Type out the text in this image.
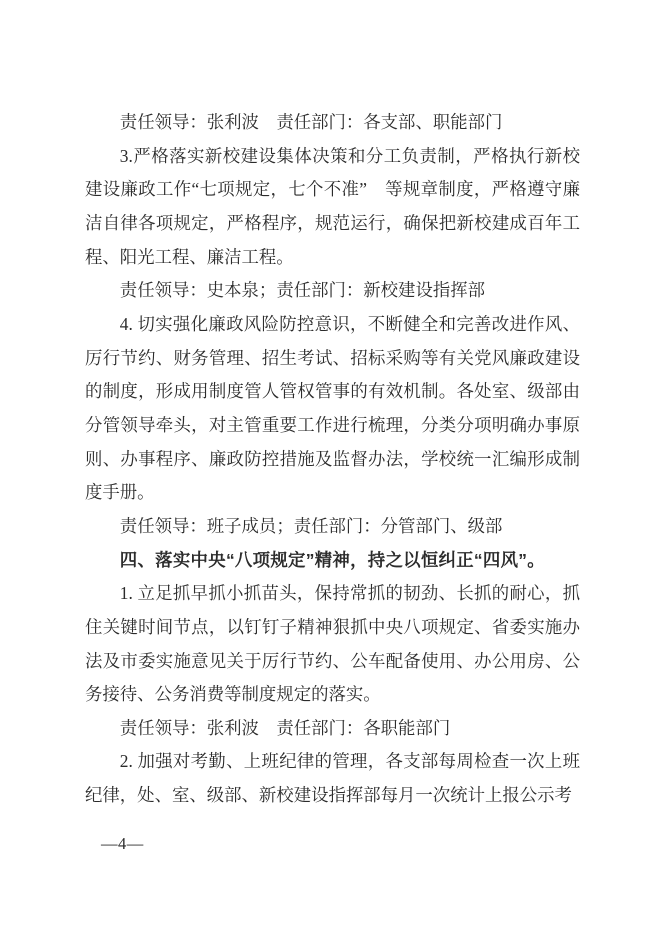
责任领导：张利波　责任部门：各支部、职能部门

3.严格落实新校建设集体决策和分工负责制，严格执行新校建设廉政工作“七项规定，七个不准”　等规章制度，严格遵守廉洁自律各项规定，严格程序，规范运行，确保把新校建成百年工程、阳光工程、廉洁工程。

责任领导：史本泉；责任部门：新校建设指挥部

4. 切实强化廉政风险防控意识，不断健全和完善改进作风、厉行节约、财务管理、招生考试、招标采购等有关党风廉政建设的制度，形成用制度管人管权管事的有效机制。各处室、级部由分管领导牵头，对主管重要工作进行梳理，分类分项明确办事原则、办事程序、廉政防控措施及监督办法，学校统一汇编形成制度手册。

责任领导：班子成员；责任部门：分管部门、级部

四、落实中央“八项规定”精神，持之以恒纠正“四风”。

1. 立足抓早抓小抓苗头，保持常抓的韧劲、长抓的耐心，抓住关键时间节点，以钉钉子精神狠抓中央八项规定、省委实施办法及市委实施意见关于厉行节约、公车配备使用、办公用房、公务接待、公务消费等制度规定的落实。

责任领导：张利波　责任部门：各职能部门

2. 加强对考勤、上班纪律的管理，各支部每周检查一次上班纪律，处、室、级部、新校建设指挥部每月一次统计上报公示考

—4—
